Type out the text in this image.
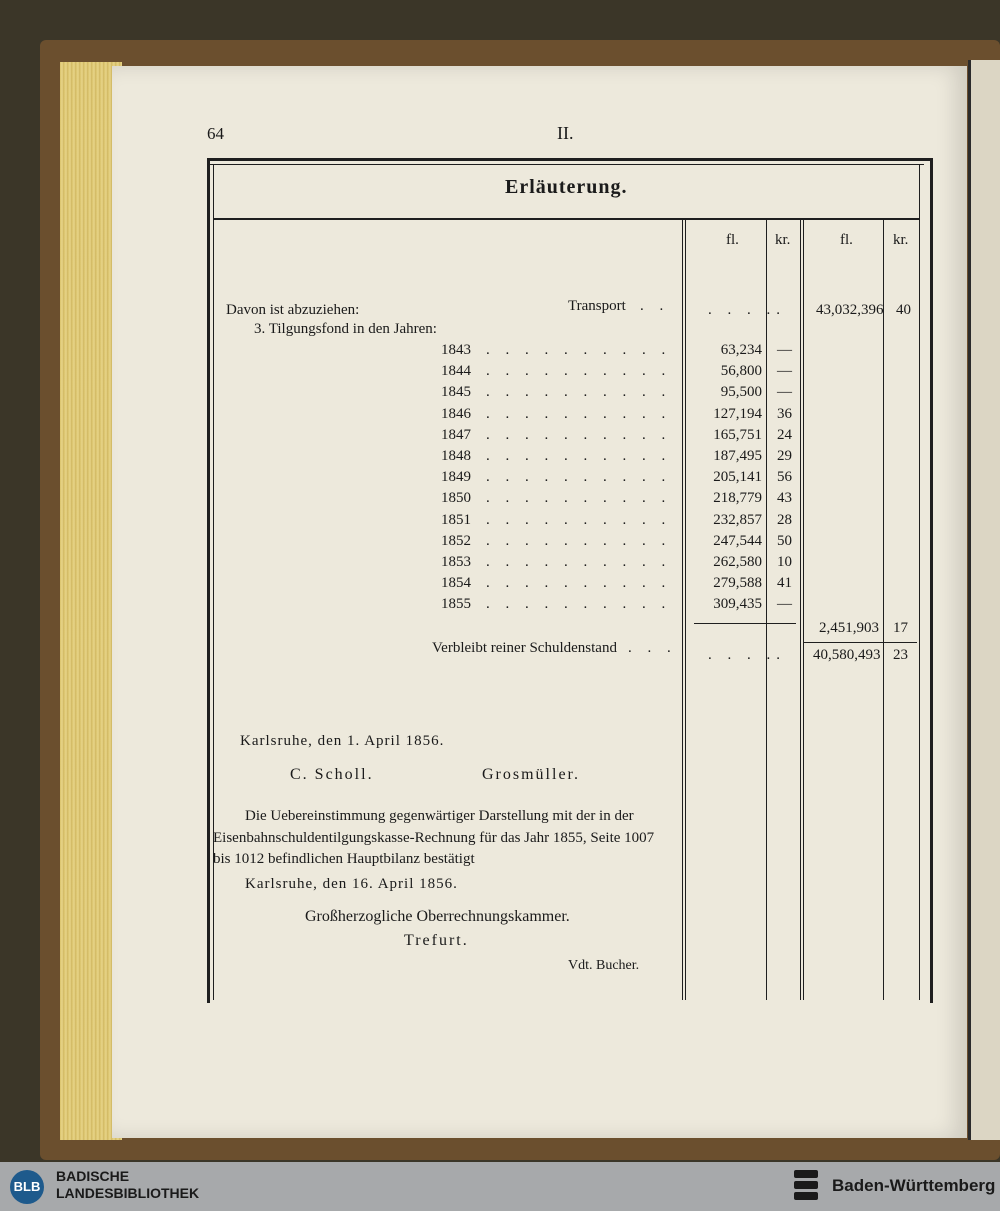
64	II.
Erläuterung.
fl. kr.	fl.	kr.
Davon ist abzuziehen:
3. Tilgungsfond in den Jahren:
Transport . .	. . . .. 43,032,396 40
1843 . . . . . . . . . .	63,234 —
1844 . . . . . . . . . .	56,800 —
1845 . . . . . . . . . .	95,500 —
1846 . . . . . . . . . .	127,194 36
1847 . . . . . . . . . .	165,751 24
1848 . . . . . . . . . .	187,495 29
1849 . . . . . . . . . .	205,141 56
1850 . . . . . . . . . .	218,779 43
1851 . . . . . . . . . .	232,857 28
1852 . . . . . . . . . .	247,544 50
1853 . . . . . . . . . .	262,580 10
1854 . . . . . . . . . .	279,588 41
1855 . . . . . . . . . .	309,435 —
2,451,903 17
Verbleibt reiner Schuldenstand . . . . . . .. 40,580,493 23
Karlsruhe, den 1. April 1856.
C. Scholl.	Grosmüller.
Die Uebereinstimmung gegenwärtiger Darstellung mit der in der
Eisenbahnschuldentilgungskasse-Rechnung für das Jahr 1855, Seite 1007
bis 1012 befindlichen Hauptbilanz bestätigt
Karlsruhe, den 16. April 1856.
Großherzogliche Oberrechnungskammer.
Trefurt.
Vdt. Bucher.
BLB
BADISCHE
LANDESBIBLIOTHEK	Baden-Württemberg
